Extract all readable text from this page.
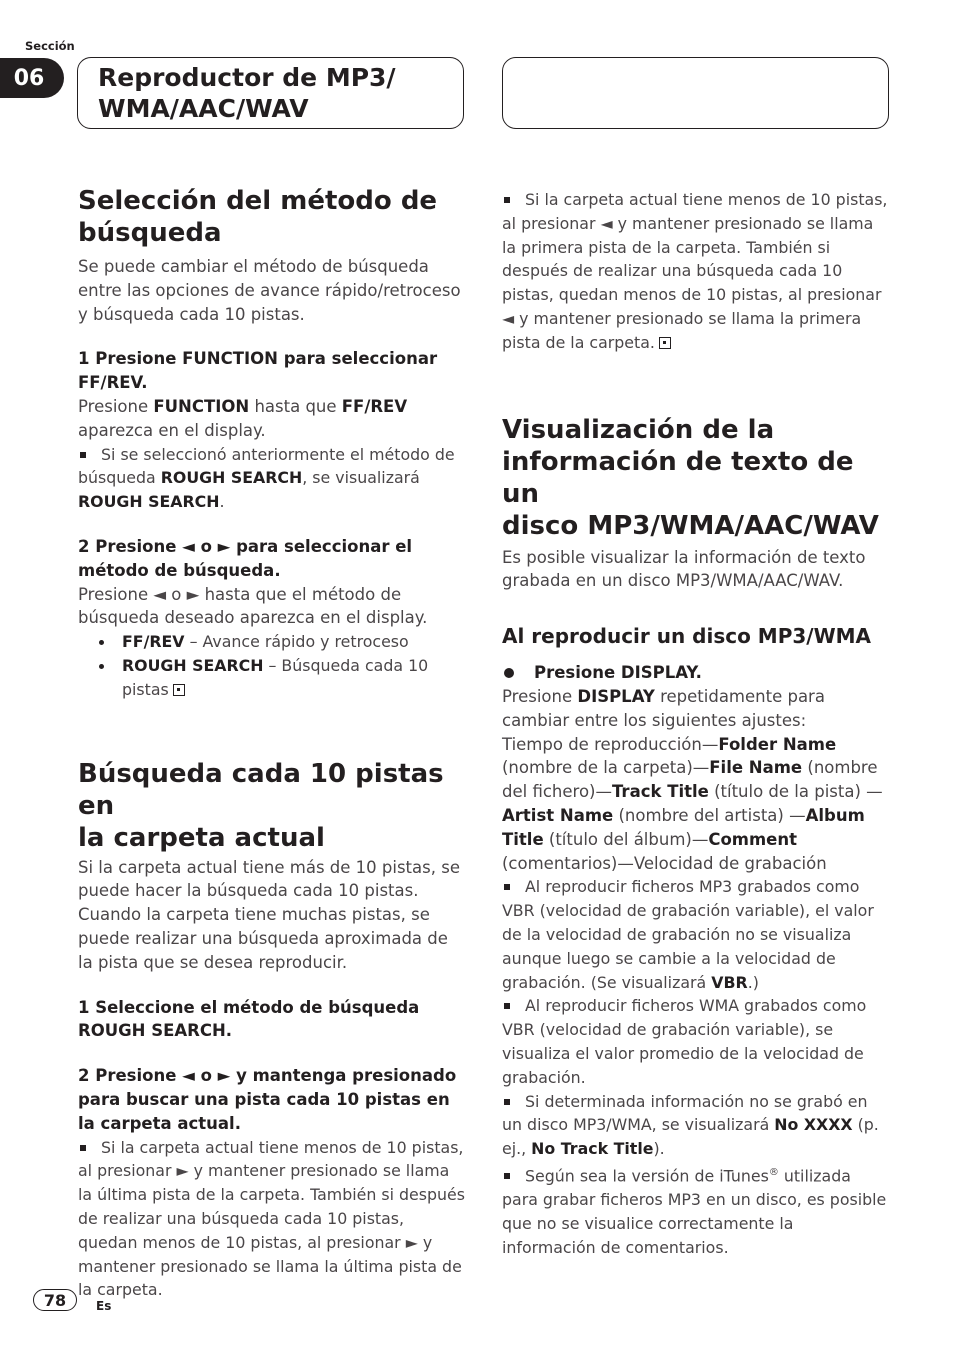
Sección
06	Reproductor de MP3/

WMA/AAC/WAV

Selección del método de
búsqueda

Se puede cambiar el método de búsqueda entre las opciones de avance rápido/retroceso y búsqueda cada 10 pistas.

1 Presione FUNCTION para seleccionar FF/REV.

Presione FUNCTION hasta que FF/REV aparezca en el display.

Si se seleccionó anteriormente el método de búsqueda ROUGH SEARCH, se visualizará ROUGH SEARCH.

2 Presione ◄ o ► para seleccionar el método de búsqueda.

Presione ◄ o ► hasta que el método de búsqueda deseado aparezca en el display.

FF/REV – Avance rápido y retroceso
ROUGH SEARCH – Búsqueda cada 10 pistas
Búsqueda cada 10 pistas en
la carpeta actual

Si la carpeta actual tiene más de 10 pistas, se puede hacer la búsqueda cada 10 pistas. Cuando la carpeta tiene muchas pistas, se puede realizar una búsqueda aproximada de la pista que se desea reproducir.

1 Seleccione el método de búsqueda ROUGH SEARCH.

2 Presione ◄ o ► y mantenga presionado para buscar una pista cada 10 pistas en la carpeta actual.

Si la carpeta actual tiene menos de 10 pistas, al presionar ► y mantener presionado se llama la última pista de la carpeta. También si después de realizar una búsqueda cada 10 pistas, quedan menos de 10 pistas, al presionar ► y mantener presionado se llama la última pista de la carpeta.

Si la carpeta actual tiene menos de 10 pistas, al presionar ◄ y mantener presionado se llama la primera pista de la carpeta. También si después de realizar una búsqueda cada 10 pistas, quedan menos de 10 pistas, al presionar ◄ y mantener presionado se llama la primera pista de la carpeta.

Visualización de la
información de texto de un
disco MP3/WMA/AAC/WAV

Es posible visualizar la información de texto grabada en un disco MP3/WMA/AAC/WAV.

Al reproducir un disco MP3/WMA

Presione DISPLAY.

Presione DISPLAY repetidamente para cambiar entre los siguientes ajustes:

Tiempo de reproducción—Folder Name (nombre de la carpeta)—File Name (nombre del fichero)—Track Title (título de la pista) —Artist Name (nombre del artista) —Album Title (título del álbum)—Comment (comentarios)—Velocidad de grabación

Al reproducir ficheros MP3 grabados como VBR (velocidad de grabación variable), el valor de la velocidad de grabación no se visualiza aunque luego se cambie a la velocidad de grabación. (Se visualizará VBR.)

Al reproducir ficheros WMA grabados como VBR (velocidad de grabación variable), se visualiza el valor promedio de la velocidad de grabación.

Si determinada información no se grabó en un disco MP3/WMA, se visualizará No XXXX (p. ej., No Track Title).

Según sea la versión de iTunes® utilizada para grabar ficheros MP3 en un disco, es posible que no se visualice correctamente la información de comentarios.

78	Es
